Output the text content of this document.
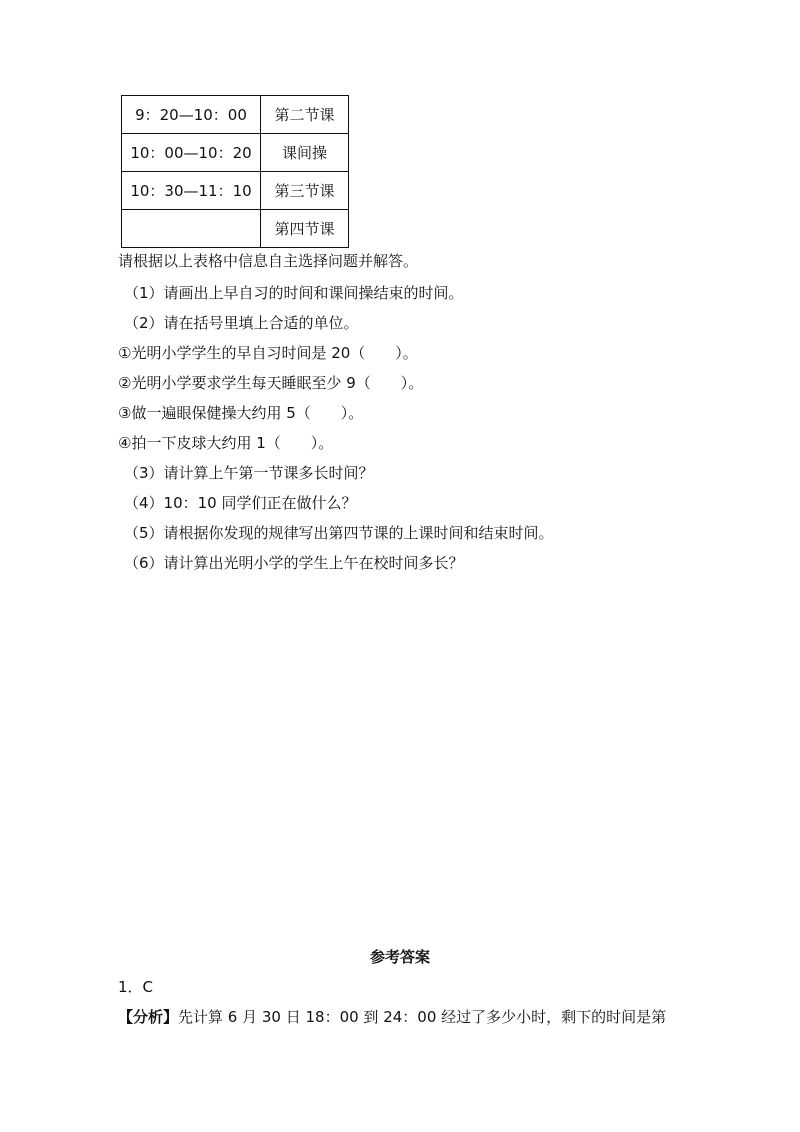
9：20—10：00	第二节课
10：00—10：20	课间操
10：30—11：10	第三节课
	第四节课
请根据以上表格中信息自主选择问题并解答。
（1）请画出上早自习的时间和课间操结束的时间。
（2）请在括号里填上合适的单位。
①光明小学学生的早自习时间是 20（　　）。
②光明小学要求学生每天睡眠至少 9（　　）。
③做一遍眼保健操大约用 5（　　）。
④拍一下皮球大约用 1（　　）。
（3）请计算上午第一节课多长时间？
（4）10：10 同学们正在做什么？
（5）请根据你发现的规律写出第四节课的上课时间和结束时间。
（6）请计算出光明小学的学生上午在校时间多长？
参考答案
1．C
【分析】先计算 6 月 30 日 18：00 到 24：00 经过了多少小时，剩下的时间是第
